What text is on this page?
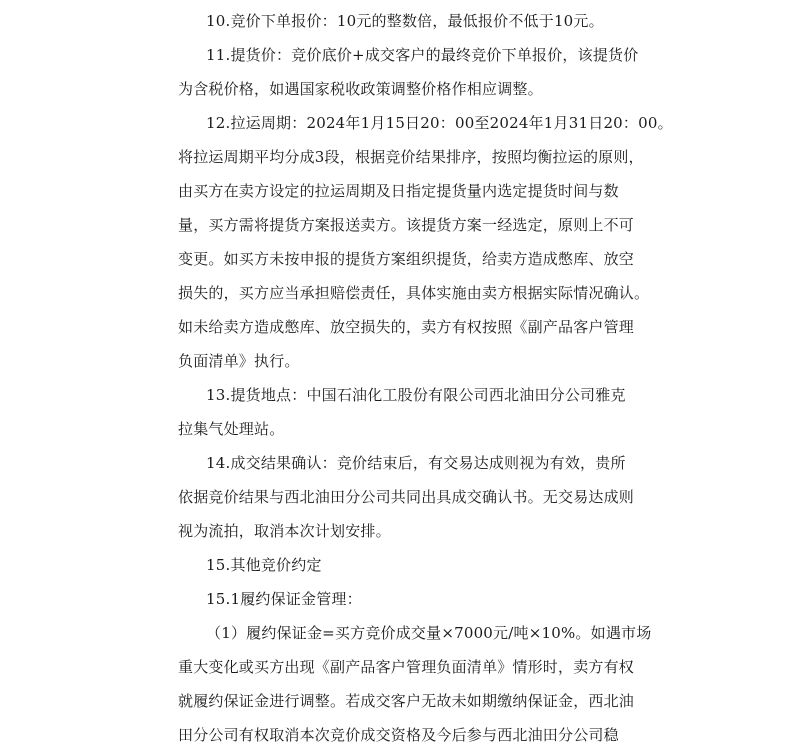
10.竞价下单报价：10元的整数倍，最低报价不低于10元。
11.提货价：竞价底价+成交客户的最终竞价下单报价，该提货价
为含税价格，如遇国家税收政策调整价格作相应调整。
12.拉运周期：2024年1月15日20：00至2024年1月31日20：00。
将拉运周期平均分成3段，根据竞价结果排序，按照均衡拉运的原则，
由买方在卖方设定的拉运周期及日指定提货量内选定提货时间与数
量，买方需将提货方案报送卖方。该提货方案一经选定，原则上不可
变更。如买方未按申报的提货方案组织提货，给卖方造成憋库、放空
损失的，买方应当承担赔偿责任，具体实施由卖方根据实际情况确认。
如未给卖方造成憋库、放空损失的，卖方有权按照《副产品客户管理
负面清单》执行。
13.提货地点：中国石油化工股份有限公司西北油田分公司雅克
拉集气处理站。
14.成交结果确认：竞价结束后，有交易达成则视为有效，贵所
依据竞价结果与西北油田分公司共同出具成交确认书。无交易达成则
视为流拍，取消本次计划安排。
15.其他竞价约定
15.1履约保证金管理：
（1）履约保证金=买方竞价成交量×7000元/吨×10%。如遇市场
重大变化或买方出现《副产品客户管理负面清单》情形时，卖方有权
就履约保证金进行调整。若成交客户无故未如期缴纳保证金，西北油
田分公司有权取消本次竞价成交资格及今后参与西北油田分公司稳
